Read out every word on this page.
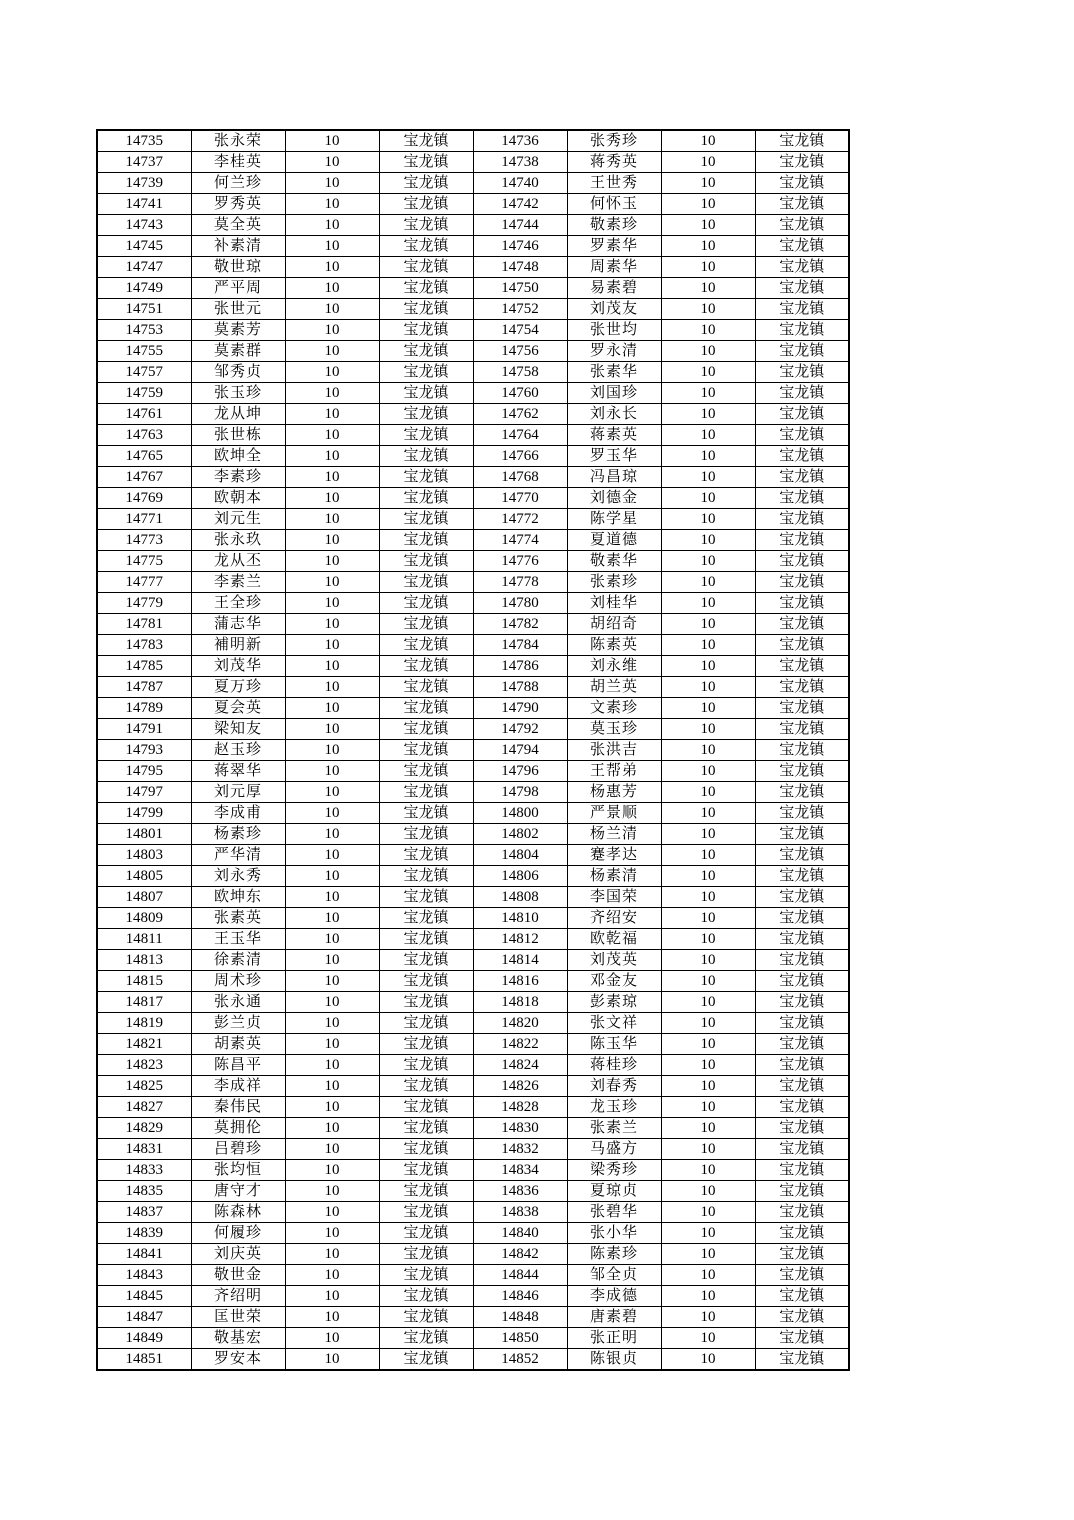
14735	张永荣	10	宝龙镇	14736	张秀珍	10	宝龙镇
14737	李桂英	10	宝龙镇	14738	蒋秀英	10	宝龙镇
14739	何兰珍	10	宝龙镇	14740	王世秀	10	宝龙镇
14741	罗秀英	10	宝龙镇	14742	何怀玉	10	宝龙镇
14743	莫全英	10	宝龙镇	14744	敬素珍	10	宝龙镇
14745	补素清	10	宝龙镇	14746	罗素华	10	宝龙镇
14747	敬世琼	10	宝龙镇	14748	周素华	10	宝龙镇
14749	严平周	10	宝龙镇	14750	易素碧	10	宝龙镇
14751	张世元	10	宝龙镇	14752	刘茂友	10	宝龙镇
14753	莫素芳	10	宝龙镇	14754	张世均	10	宝龙镇
14755	莫素群	10	宝龙镇	14756	罗永清	10	宝龙镇
14757	邹秀贞	10	宝龙镇	14758	张素华	10	宝龙镇
14759	张玉珍	10	宝龙镇	14760	刘国珍	10	宝龙镇
14761	龙从坤	10	宝龙镇	14762	刘永长	10	宝龙镇
14763	张世栋	10	宝龙镇	14764	蒋素英	10	宝龙镇
14765	欧坤全	10	宝龙镇	14766	罗玉华	10	宝龙镇
14767	李素珍	10	宝龙镇	14768	冯昌琼	10	宝龙镇
14769	欧朝本	10	宝龙镇	14770	刘德金	10	宝龙镇
14771	刘元生	10	宝龙镇	14772	陈学星	10	宝龙镇
14773	张永玖	10	宝龙镇	14774	夏道德	10	宝龙镇
14775	龙从丕	10	宝龙镇	14776	敬素华	10	宝龙镇
14777	李素兰	10	宝龙镇	14778	张素珍	10	宝龙镇
14779	王全珍	10	宝龙镇	14780	刘桂华	10	宝龙镇
14781	蒲志华	10	宝龙镇	14782	胡绍奇	10	宝龙镇
14783	補明新	10	宝龙镇	14784	陈素英	10	宝龙镇
14785	刘茂华	10	宝龙镇	14786	刘永维	10	宝龙镇
14787	夏万珍	10	宝龙镇	14788	胡兰英	10	宝龙镇
14789	夏会英	10	宝龙镇	14790	文素珍	10	宝龙镇
14791	梁知友	10	宝龙镇	14792	莫玉珍	10	宝龙镇
14793	赵玉珍	10	宝龙镇	14794	张洪吉	10	宝龙镇
14795	蒋翠华	10	宝龙镇	14796	王帮弟	10	宝龙镇
14797	刘元厚	10	宝龙镇	14798	杨惠芳	10	宝龙镇
14799	李成甫	10	宝龙镇	14800	严景顺	10	宝龙镇
14801	杨素珍	10	宝龙镇	14802	杨兰清	10	宝龙镇
14803	严华清	10	宝龙镇	14804	蹇孝达	10	宝龙镇
14805	刘永秀	10	宝龙镇	14806	杨素清	10	宝龙镇
14807	欧坤东	10	宝龙镇	14808	李国荣	10	宝龙镇
14809	张素英	10	宝龙镇	14810	齐绍安	10	宝龙镇
14811	王玉华	10	宝龙镇	14812	欧乾福	10	宝龙镇
14813	徐素清	10	宝龙镇	14814	刘茂英	10	宝龙镇
14815	周术珍	10	宝龙镇	14816	邓金友	10	宝龙镇
14817	张永通	10	宝龙镇	14818	彭素琼	10	宝龙镇
14819	彭兰贞	10	宝龙镇	14820	张文祥	10	宝龙镇
14821	胡素英	10	宝龙镇	14822	陈玉华	10	宝龙镇
14823	陈昌平	10	宝龙镇	14824	蒋桂珍	10	宝龙镇
14825	李成祥	10	宝龙镇	14826	刘春秀	10	宝龙镇
14827	秦伟民	10	宝龙镇	14828	龙玉珍	10	宝龙镇
14829	莫拥伦	10	宝龙镇	14830	张素兰	10	宝龙镇
14831	吕碧珍	10	宝龙镇	14832	马盛方	10	宝龙镇
14833	张均恒	10	宝龙镇	14834	梁秀珍	10	宝龙镇
14835	唐守才	10	宝龙镇	14836	夏琼贞	10	宝龙镇
14837	陈森林	10	宝龙镇	14838	张碧华	10	宝龙镇
14839	何履珍	10	宝龙镇	14840	张小华	10	宝龙镇
14841	刘庆英	10	宝龙镇	14842	陈素珍	10	宝龙镇
14843	敬世金	10	宝龙镇	14844	邹全贞	10	宝龙镇
14845	齐绍明	10	宝龙镇	14846	李成德	10	宝龙镇
14847	匡世荣	10	宝龙镇	14848	唐素碧	10	宝龙镇
14849	敬基宏	10	宝龙镇	14850	张正明	10	宝龙镇
14851	罗安本	10	宝龙镇	14852	陈银贞	10	宝龙镇
